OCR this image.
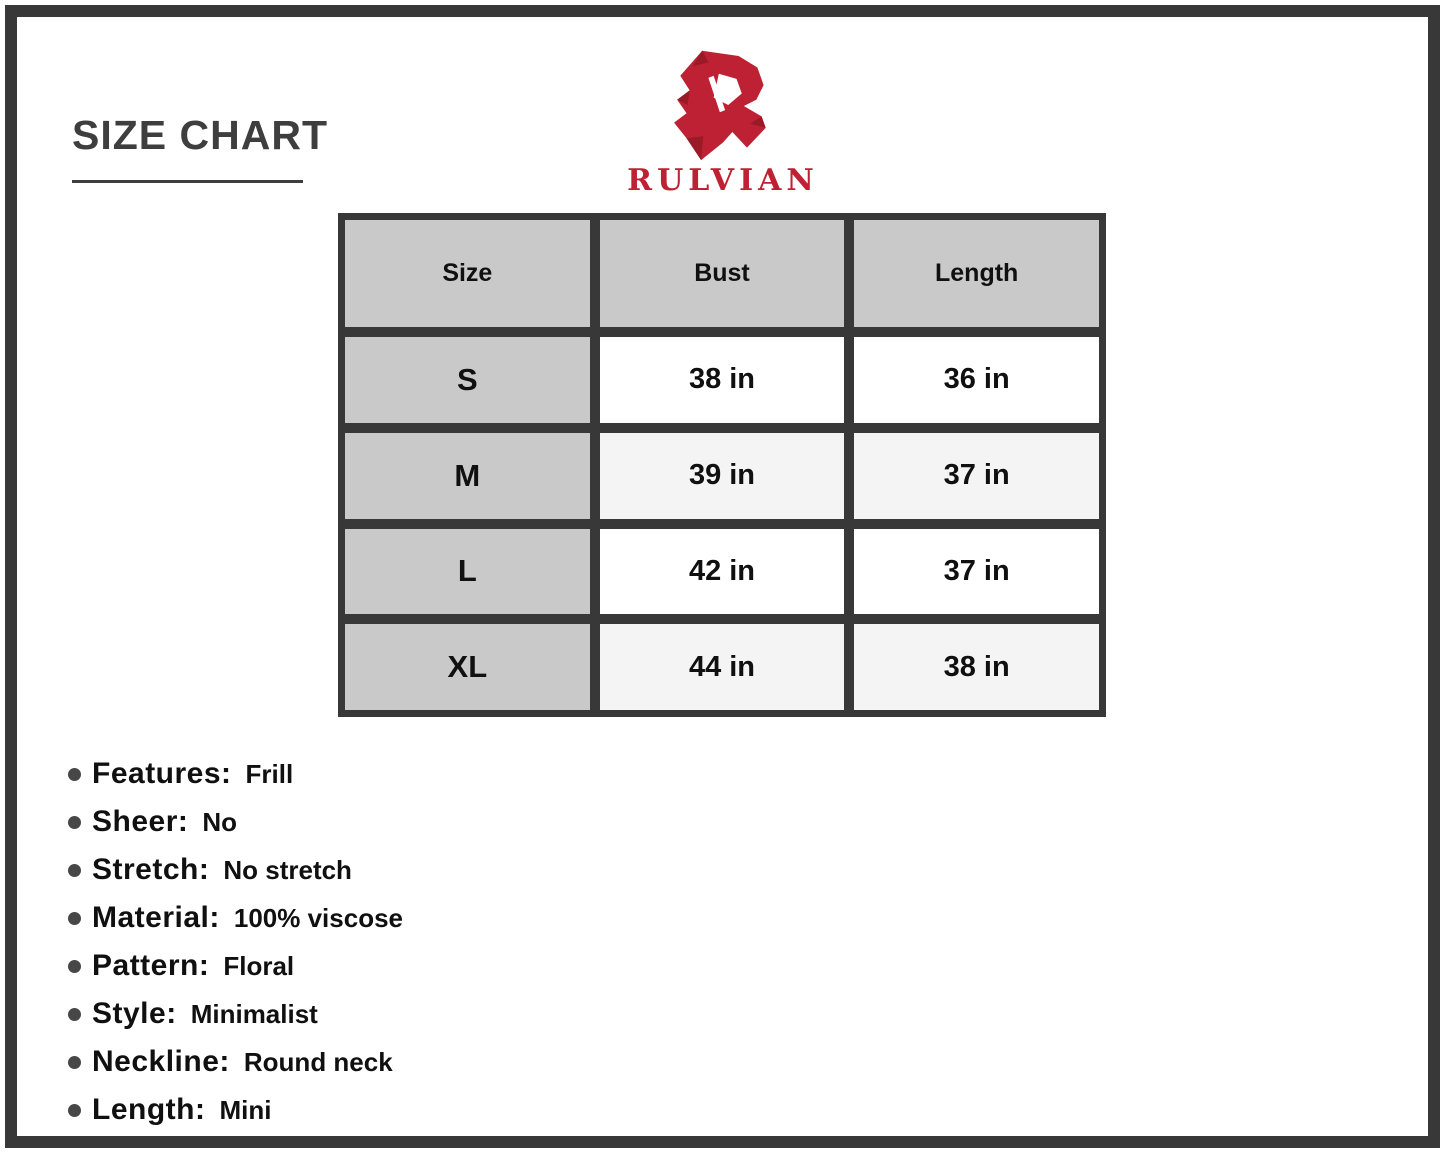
SIZE CHART
RULVIAN
Size	Bust	Length
S	38 in	36 in
M	39 in	37 in
L	42 in	37 in
XL	44 in	38 in
Features: Frill
Sheer: No
Stretch: No stretch
Material: 100% viscose
Pattern: Floral
Style: Minimalist
Neckline: Round neck
Length: Mini
